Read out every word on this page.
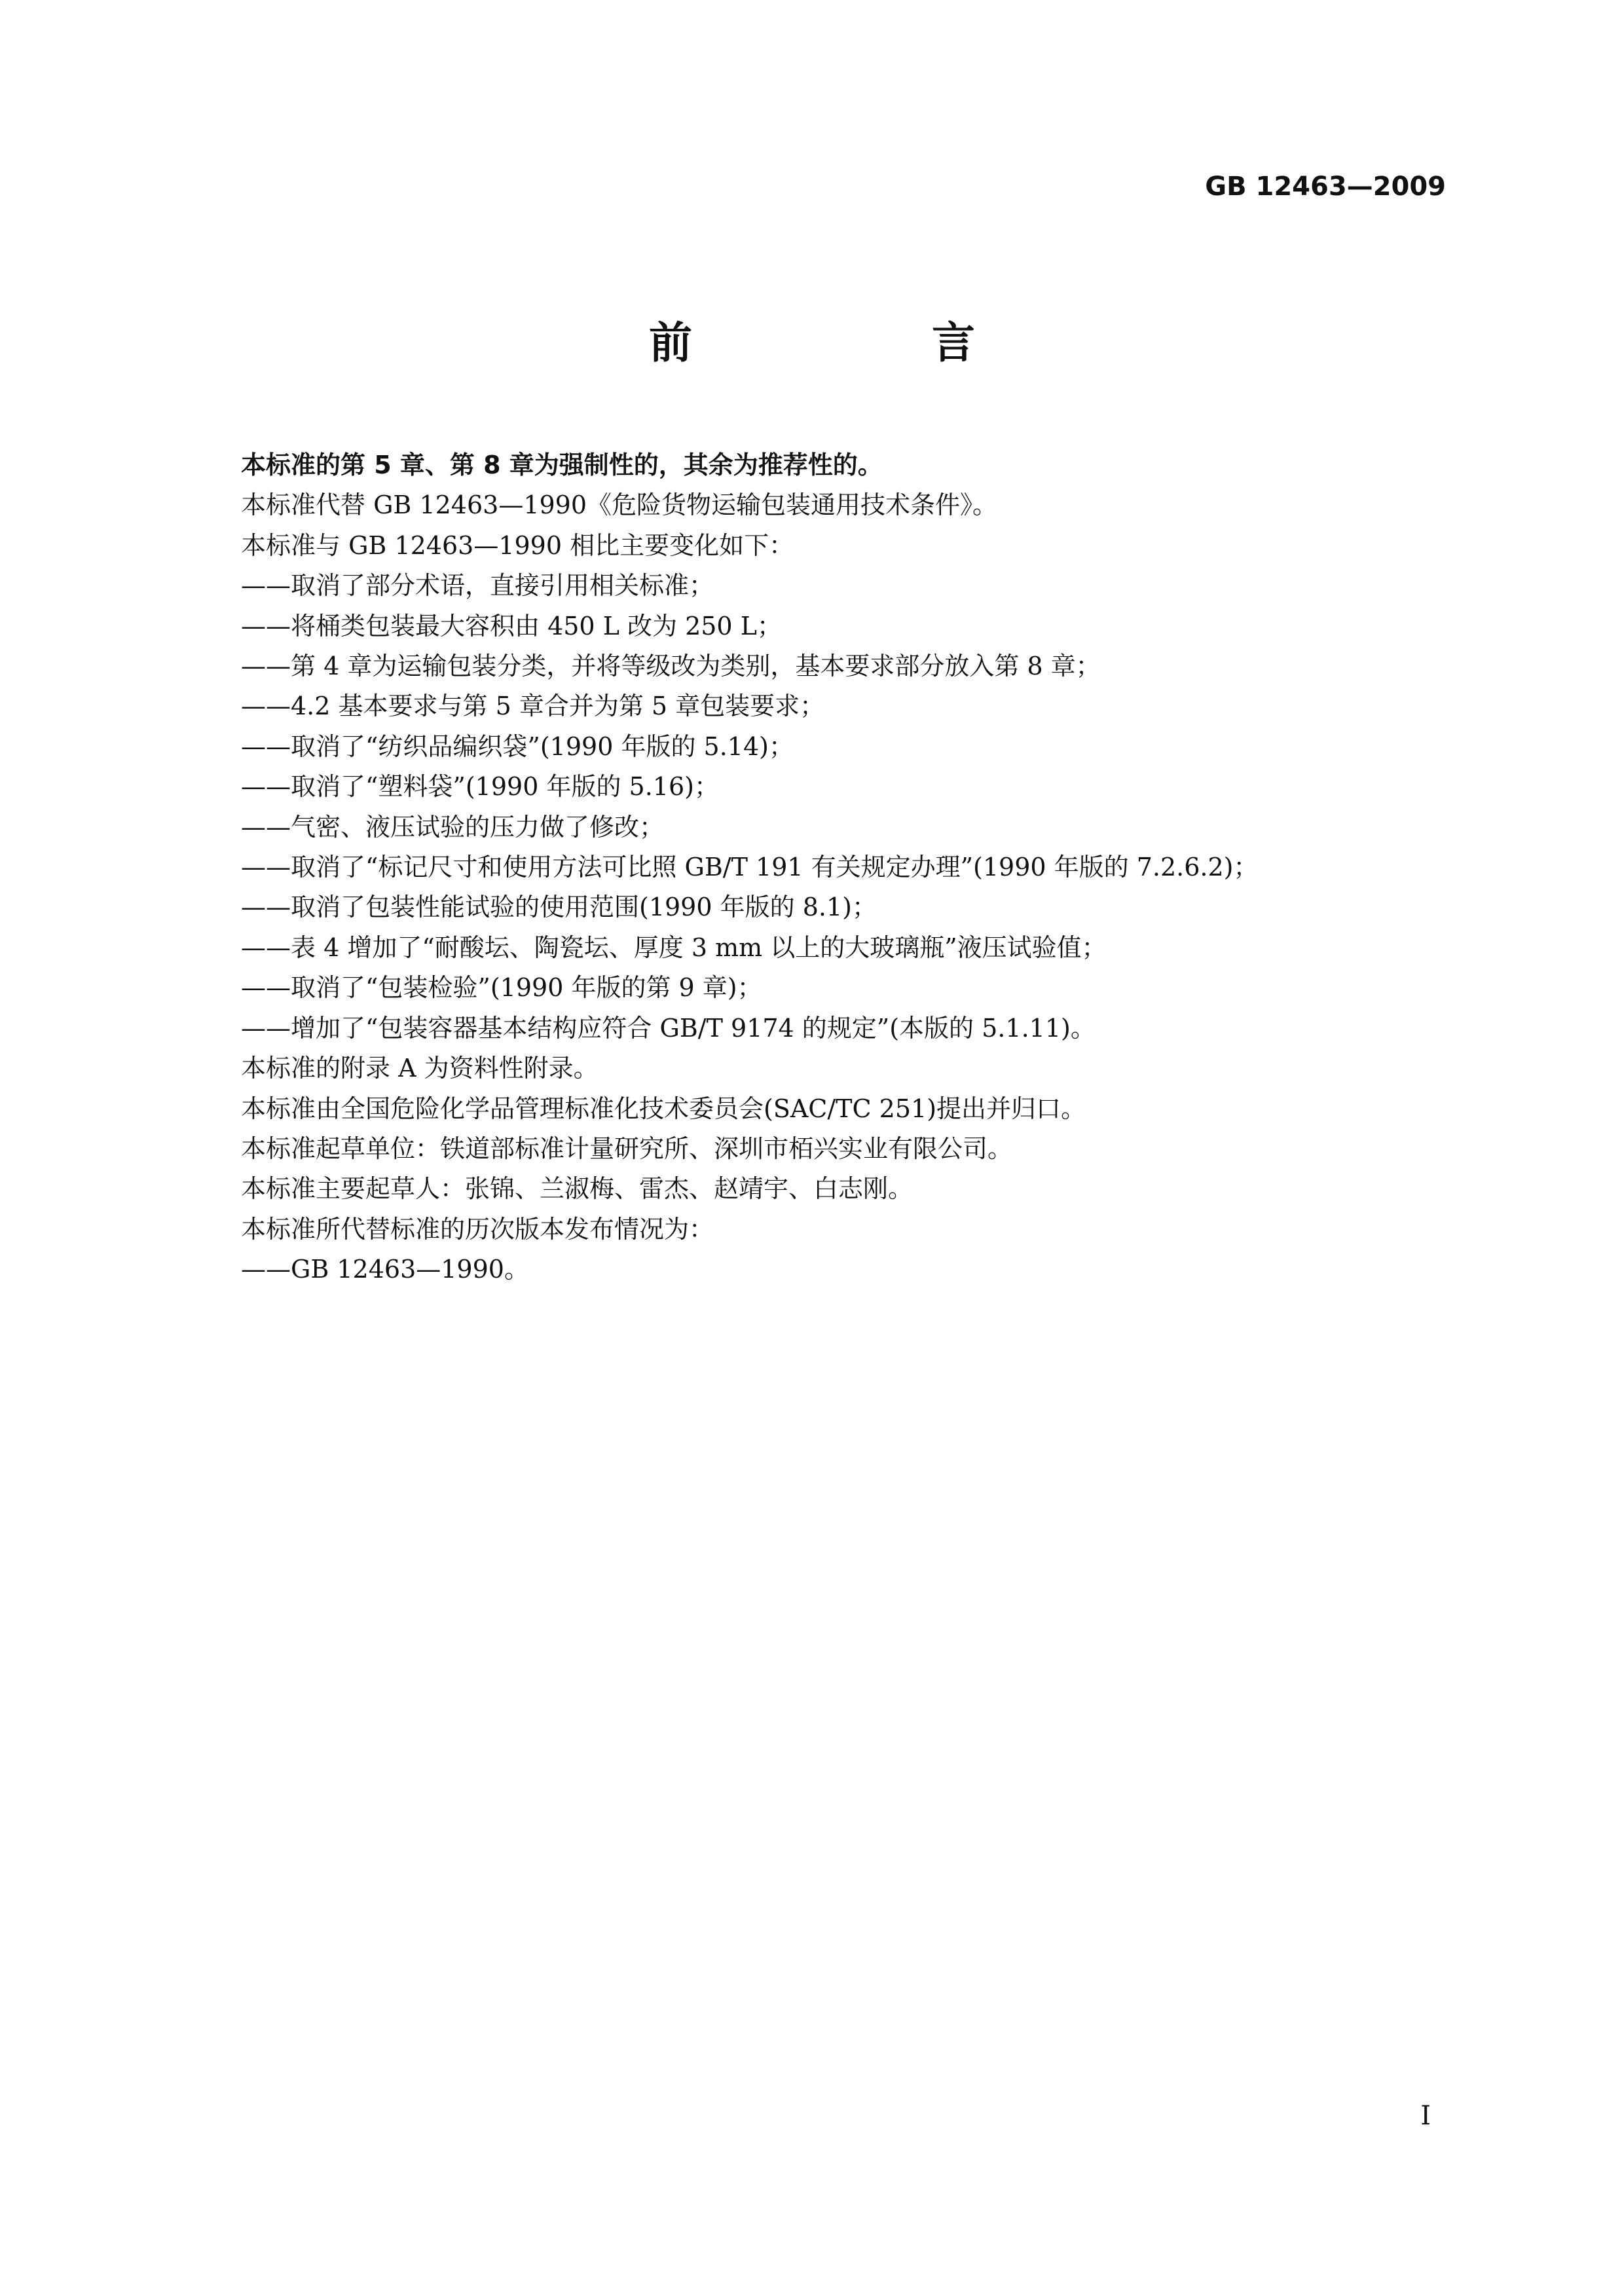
GB 12463—2009
前　言
本标准的第 5 章、第 8 章为强制性的，其余为推荐性的。
本标准代替 GB 12463—1990《危险货物运输包装通用技术条件》。
本标准与 GB 12463—1990 相比主要变化如下：
——取消了部分术语，直接引用相关标准；
——将桶类包装最大容积由 450 L 改为 250 L；
——第 4 章为运输包装分类，并将等级改为类别，基本要求部分放入第 8 章；
——4.2 基本要求与第 5 章合并为第 5 章包装要求；
——取消了“纺织品编织袋”(1990 年版的 5.14)；
——取消了“塑料袋”(1990 年版的 5.16)；
——气密、液压试验的压力做了修改；
——取消了“标记尺寸和使用方法可比照 GB/T 191 有关规定办理”(1990 年版的 7.2.6.2)；
——取消了包装性能试验的使用范围(1990 年版的 8.1)；
——表 4 增加了“耐酸坛、陶瓷坛、厚度 3 mm 以上的大玻璃瓶”液压试验值；
——取消了“包装检验”(1990 年版的第 9 章)；
——增加了“包装容器基本结构应符合 GB/T 9174 的规定”(本版的 5.1.11)。
本标准的附录 A 为资料性附录。
本标准由全国危险化学品管理标准化技术委员会(SAC/TC 251)提出并归口。
本标准起草单位：铁道部标准计量研究所、深圳市栢兴实业有限公司。
本标准主要起草人：张锦、兰淑梅、雷杰、赵靖宇、白志刚。
本标准所代替标准的历次版本发布情况为：
——GB 12463—1990。
I
